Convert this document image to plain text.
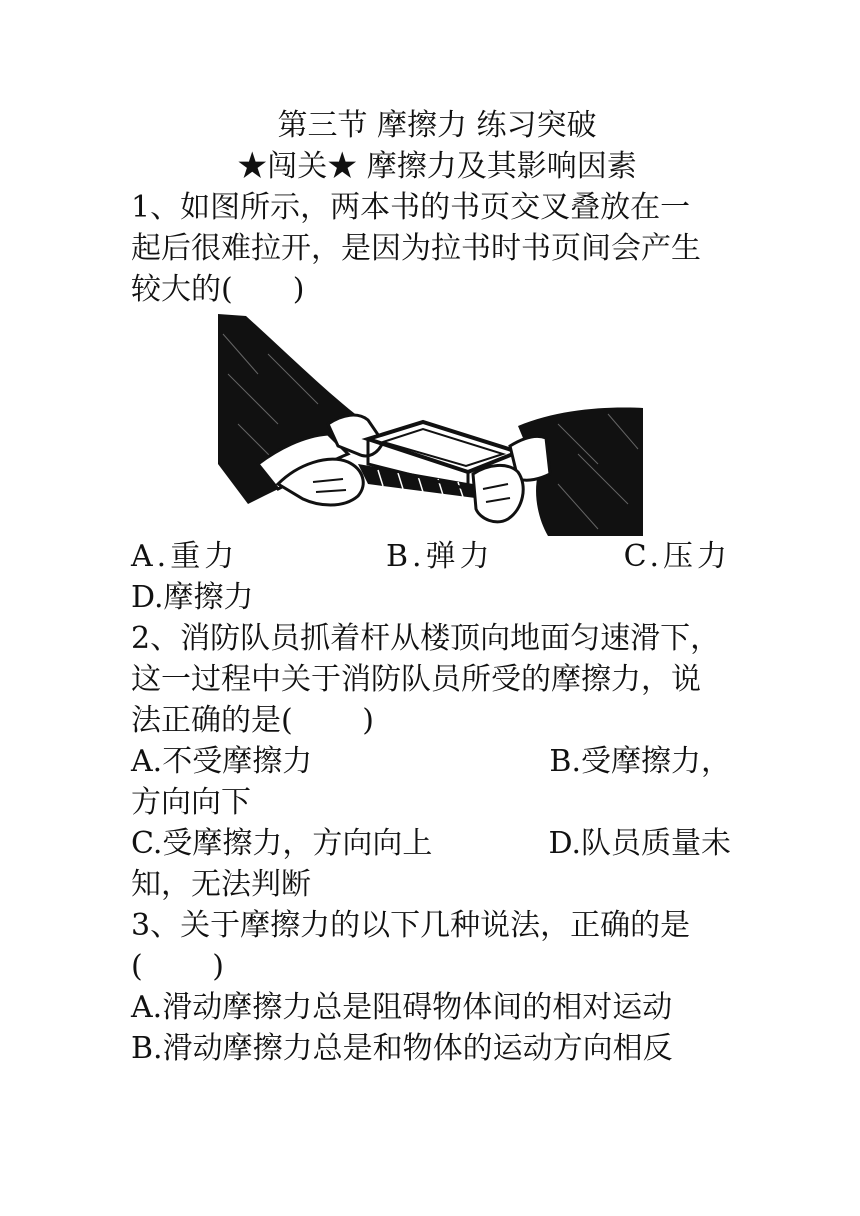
第三节 摩擦力 练习突破
★闯关★ 摩擦力及其影响因素
1、如图所示，两本书的书页交叉叠放在一
起后很难拉开，是因为拉书时书页间会产生
较大的(　　)
A.重力	B.弹力	C.压力
D.摩擦力
2、消防队员抓着杆从楼顶向地面匀速滑下，
这一过程中关于消防队员所受的摩擦力，说
法正确的是(　　 )
A.不受摩擦力	B.受摩擦力，
方向向下
C.受摩擦力，方向向上	D.队员质量未
知，无法判断
3、关于摩擦力的以下几种说法，正确的是
(　　 )
A.滑动摩擦力总是阻碍物体间的相对运动
B.滑动摩擦力总是和物体的运动方向相反
